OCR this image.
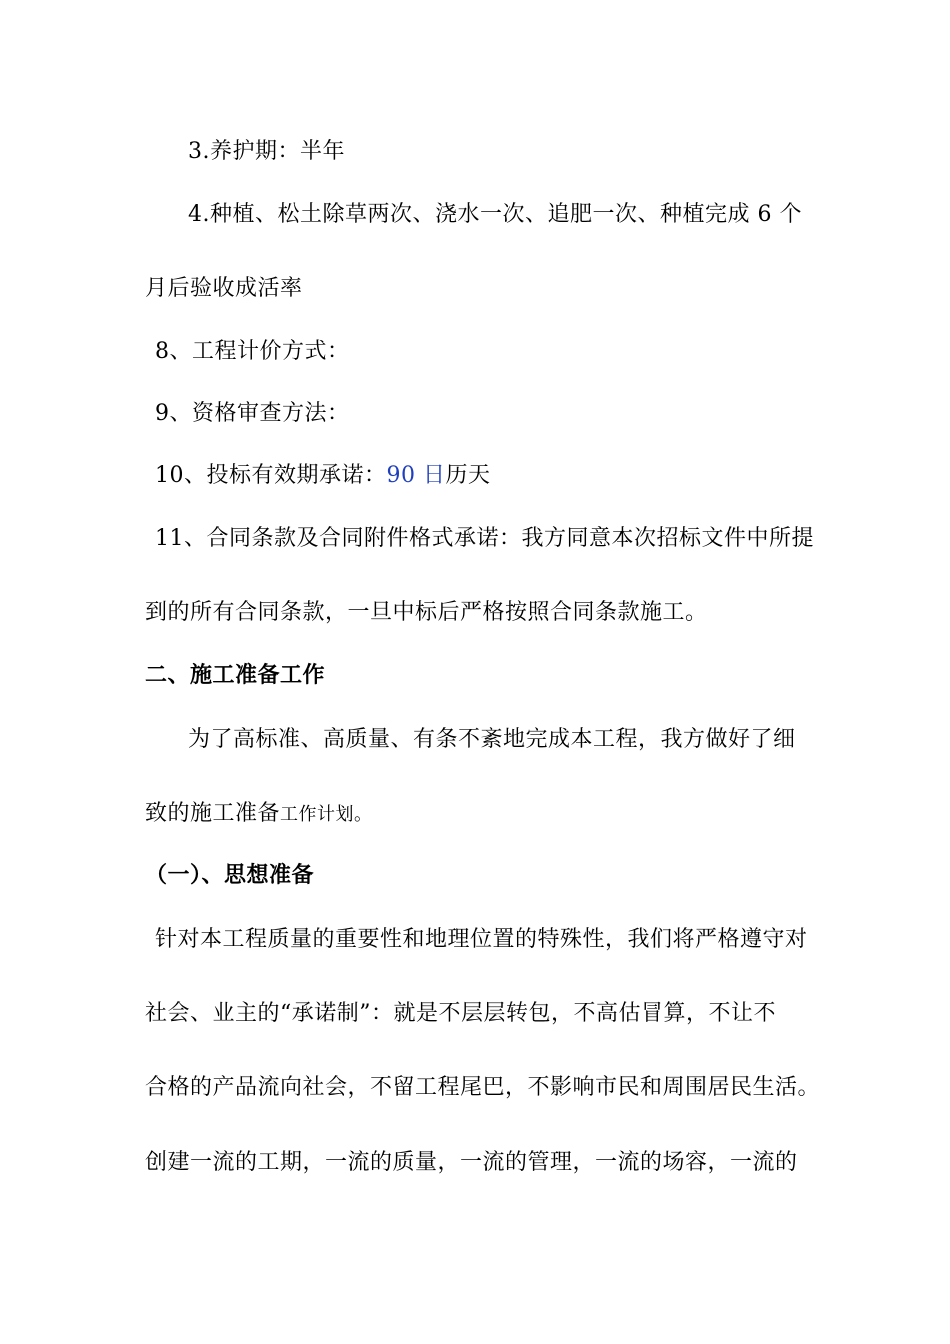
3.养护期：半年
4.种植、松土除草两次、浇水一次、追肥一次、种植完成 6 个
月后验收成活率
8、工程计价方式：
9、资格审查方法：
10、投标有效期承诺：90 日历天
11、合同条款及合同附件格式承诺：我方同意本次招标文件中所提
到的所有合同条款，一旦中标后严格按照合同条款施工。
二、施工准备工作
为了高标准、高质量、有条不紊地完成本工程，我方做好了细
致的施工准备工作计划。
（一）、思想准备
针对本工程质量的重要性和地理位置的特殊性，我们将严格遵守对
社会、业主的“承诺制”：就是不层层转包，不高估冒算，不让不
合格的产品流向社会，不留工程尾巴，不影响市民和周围居民生活。
创建一流的工期，一流的质量，一流的管理，一流的场容，一流的
